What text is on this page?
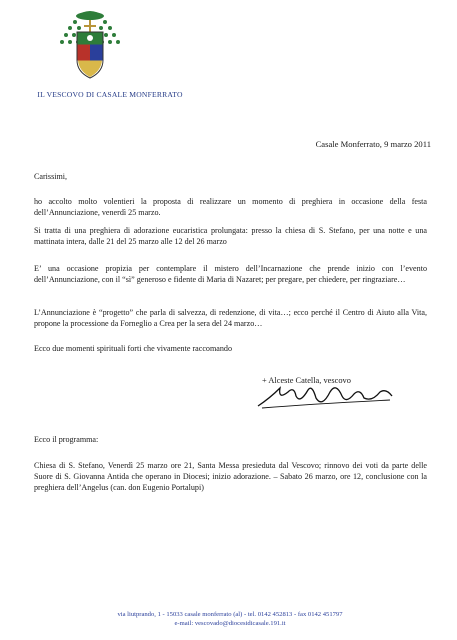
IL VESCOVO DI CASALE MONFERRATO
Casale Monferrato, 9 marzo 2011
Carissimi,
ho accolto molto volentieri la proposta di realizzare un momento di preghiera in occasione della festa dell’Annunciazione, venerdì 25 marzo.
Si tratta di una preghiera di adorazione eucaristica prolungata: presso la chiesa di S. Stefano, per una notte e una mattinata intera, dalle 21 del 25 marzo alle 12 del 26 marzo
E’ una occasione propizia per contemplare il mistero dell’Incarnazione che prende inizio con l’evento dell’Annunciazione, con il “sì” generoso e fidente di Maria di Nazaret; per pregare, per chiedere, per ringraziare…
L’Annunciazione è “progetto” che parla di salvezza, di redenzione, di vita…; ecco perché il Centro di Aiuto alla Vita, propone la processione da Forneglio a Crea per la sera del 24 marzo…
Ecco due momenti spirituali forti che vivamente raccomando
+ Alceste Catella, vescovo
Ecco il programma:
Chiesa di S. Stefano, Venerdì 25 marzo ore 21, Santa Messa presieduta dal Vescovo; rinnovo dei voti da parte delle Suore di S. Giovanna Antida che operano in Diocesi; inizio adorazione. – Sabato 26 marzo, ore 12, conclusione con la preghiera dell’Angelus (can. don Eugenio Portalupi)
via liutprando, 1 - 15033 casale monferrato (al) - tel. 0142 452813 - fax 0142 451797
e-mail: vescovado@diocesidicasale.191.it
